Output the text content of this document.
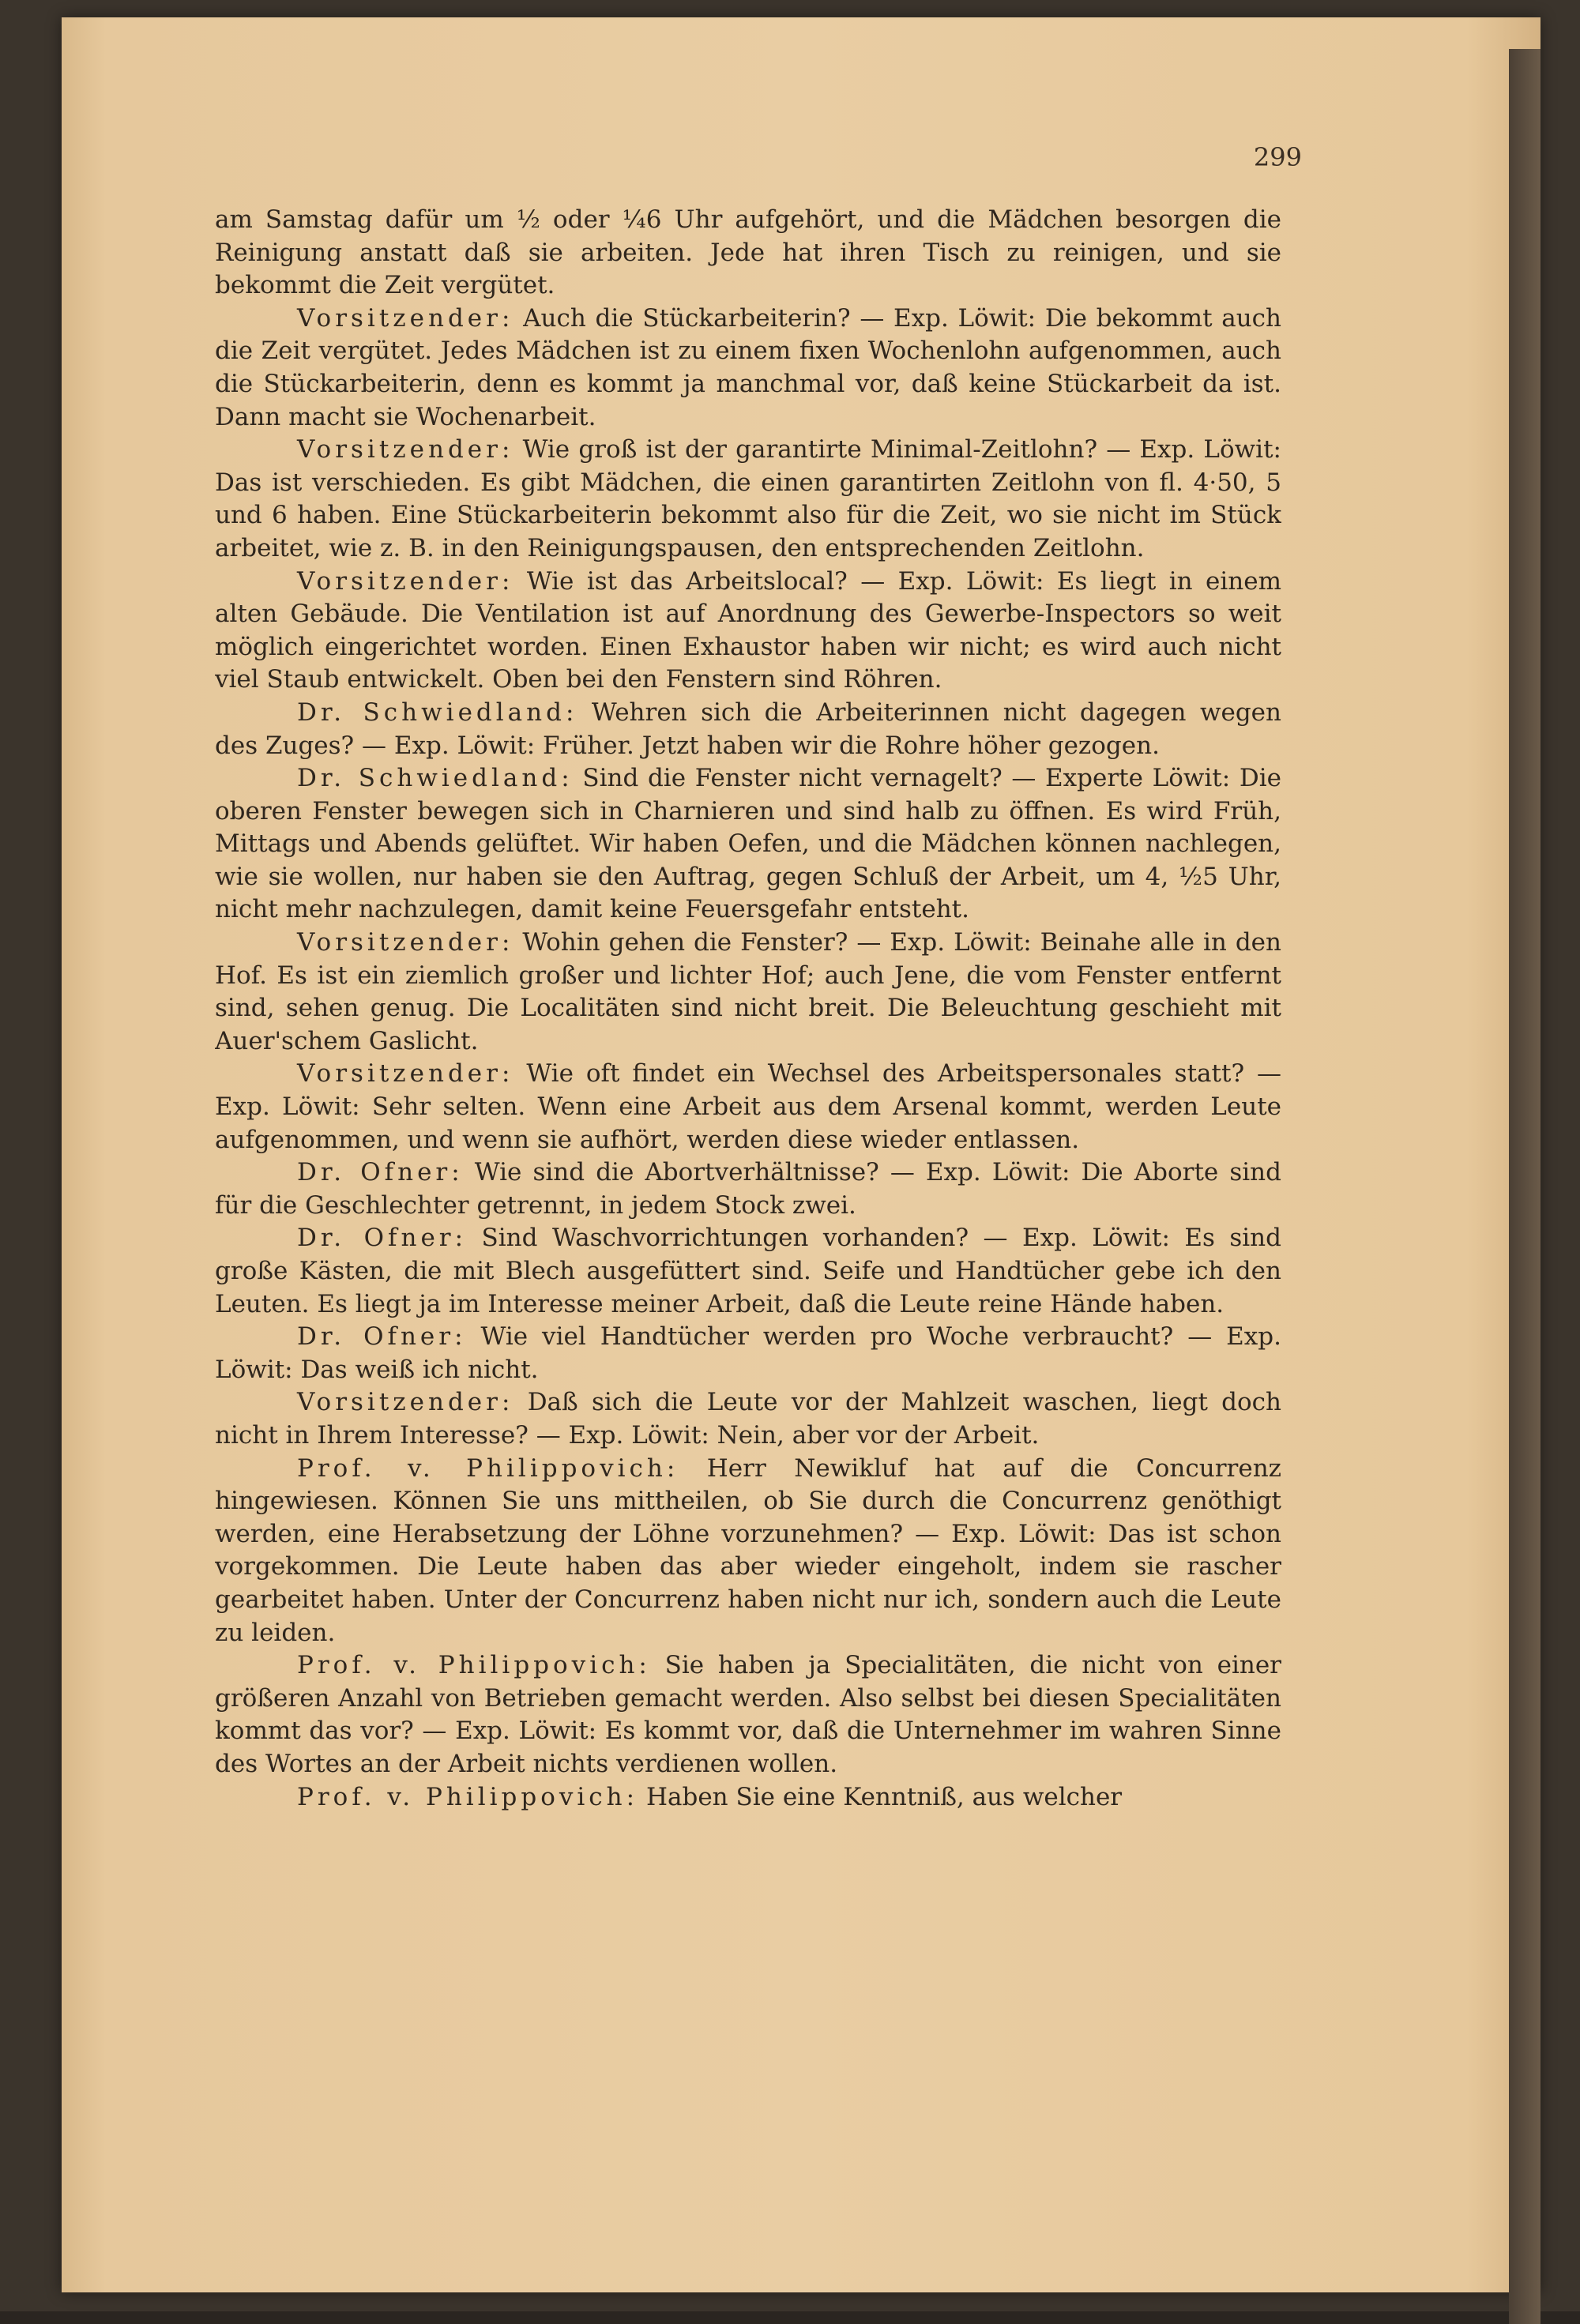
299

am Samstag dafür um ½ oder ¼6 Uhr aufgehört, und die Mädchen besorgen die Reinigung anstatt daß sie arbeiten. Jede hat ihren Tisch zu reinigen, und sie bekommt die Zeit vergütet.

Vorsitzender: Auch die Stückarbeiterin? — Exp. Löwit: Die bekommt auch die Zeit vergütet. Jedes Mädchen ist zu einem fixen Wochenlohn aufgenommen, auch die Stückarbeiterin, denn es kommt ja manchmal vor, daß keine Stückarbeit da ist. Dann macht sie Wochenarbeit.

Vorsitzender: Wie groß ist der garantirte Minimal-Zeitlohn? — Exp. Löwit: Das ist verschieden. Es gibt Mädchen, die einen garantirten Zeitlohn von fl. 4·50, 5 und 6 haben. Eine Stückarbeiterin bekommt also für die Zeit, wo sie nicht im Stück arbeitet, wie z. B. in den Reinigungspausen, den entsprechenden Zeitlohn.

Vorsitzender: Wie ist das Arbeitslocal? — Exp. Löwit: Es liegt in einem alten Gebäude. Die Ventilation ist auf Anordnung des Gewerbe-Inspectors so weit möglich eingerichtet worden. Einen Exhaustor haben wir nicht; es wird auch nicht viel Staub entwickelt. Oben bei den Fenstern sind Röhren.

Dr. Schwiedland: Wehren sich die Arbeiterinnen nicht dagegen wegen des Zuges? — Exp. Löwit: Früher. Jetzt haben wir die Rohre höher gezogen.

Dr. Schwiedland: Sind die Fenster nicht vernagelt? — Experte Löwit: Die oberen Fenster bewegen sich in Charnieren und sind halb zu öffnen. Es wird Früh, Mittags und Abends gelüftet. Wir haben Oefen, und die Mädchen können nachlegen, wie sie wollen, nur haben sie den Auftrag, gegen Schluß der Arbeit, um 4, ½5 Uhr, nicht mehr nachzulegen, damit keine Feuersgefahr entsteht.

Vorsitzender: Wohin gehen die Fenster? — Exp. Löwit: Beinahe alle in den Hof. Es ist ein ziemlich großer und lichter Hof; auch Jene, die vom Fenster entfernt sind, sehen genug. Die Localitäten sind nicht breit. Die Beleuchtung geschieht mit Auer'schem Gaslicht.

Vorsitzender: Wie oft findet ein Wechsel des Arbeitspersonales statt? — Exp. Löwit: Sehr selten. Wenn eine Arbeit aus dem Arsenal kommt, werden Leute aufgenommen, und wenn sie aufhört, werden diese wieder entlassen.

Dr. Ofner: Wie sind die Abortverhältnisse? — Exp. Löwit: Die Aborte sind für die Geschlechter getrennt, in jedem Stock zwei.

Dr. Ofner: Sind Waschvorrichtungen vorhanden? — Exp. Löwit: Es sind große Kästen, die mit Blech ausgefüttert sind. Seife und Handtücher gebe ich den Leuten. Es liegt ja im Interesse meiner Arbeit, daß die Leute reine Hände haben.

Dr. Ofner: Wie viel Handtücher werden pro Woche verbraucht? — Exp. Löwit: Das weiß ich nicht.

Vorsitzender: Daß sich die Leute vor der Mahlzeit waschen, liegt doch nicht in Ihrem Interesse? — Exp. Löwit: Nein, aber vor der Arbeit.

Prof. v. Philippovich: Herr Newikluf hat auf die Concurrenz hingewiesen. Können Sie uns mittheilen, ob Sie durch die Concurrenz genöthigt werden, eine Herabsetzung der Löhne vorzunehmen? — Exp. Löwit: Das ist schon vorgekommen. Die Leute haben das aber wieder eingeholt, indem sie rascher gearbeitet haben. Unter der Concurrenz haben nicht nur ich, sondern auch die Leute zu leiden.

Prof. v. Philippovich: Sie haben ja Specialitäten, die nicht von einer größeren Anzahl von Betrieben gemacht werden. Also selbst bei diesen Specialitäten kommt das vor? — Exp. Löwit: Es kommt vor, daß die Unternehmer im wahren Sinne des Wortes an der Arbeit nichts verdienen wollen.

Prof. v. Philippovich: Haben Sie eine Kenntniß, aus welcher
